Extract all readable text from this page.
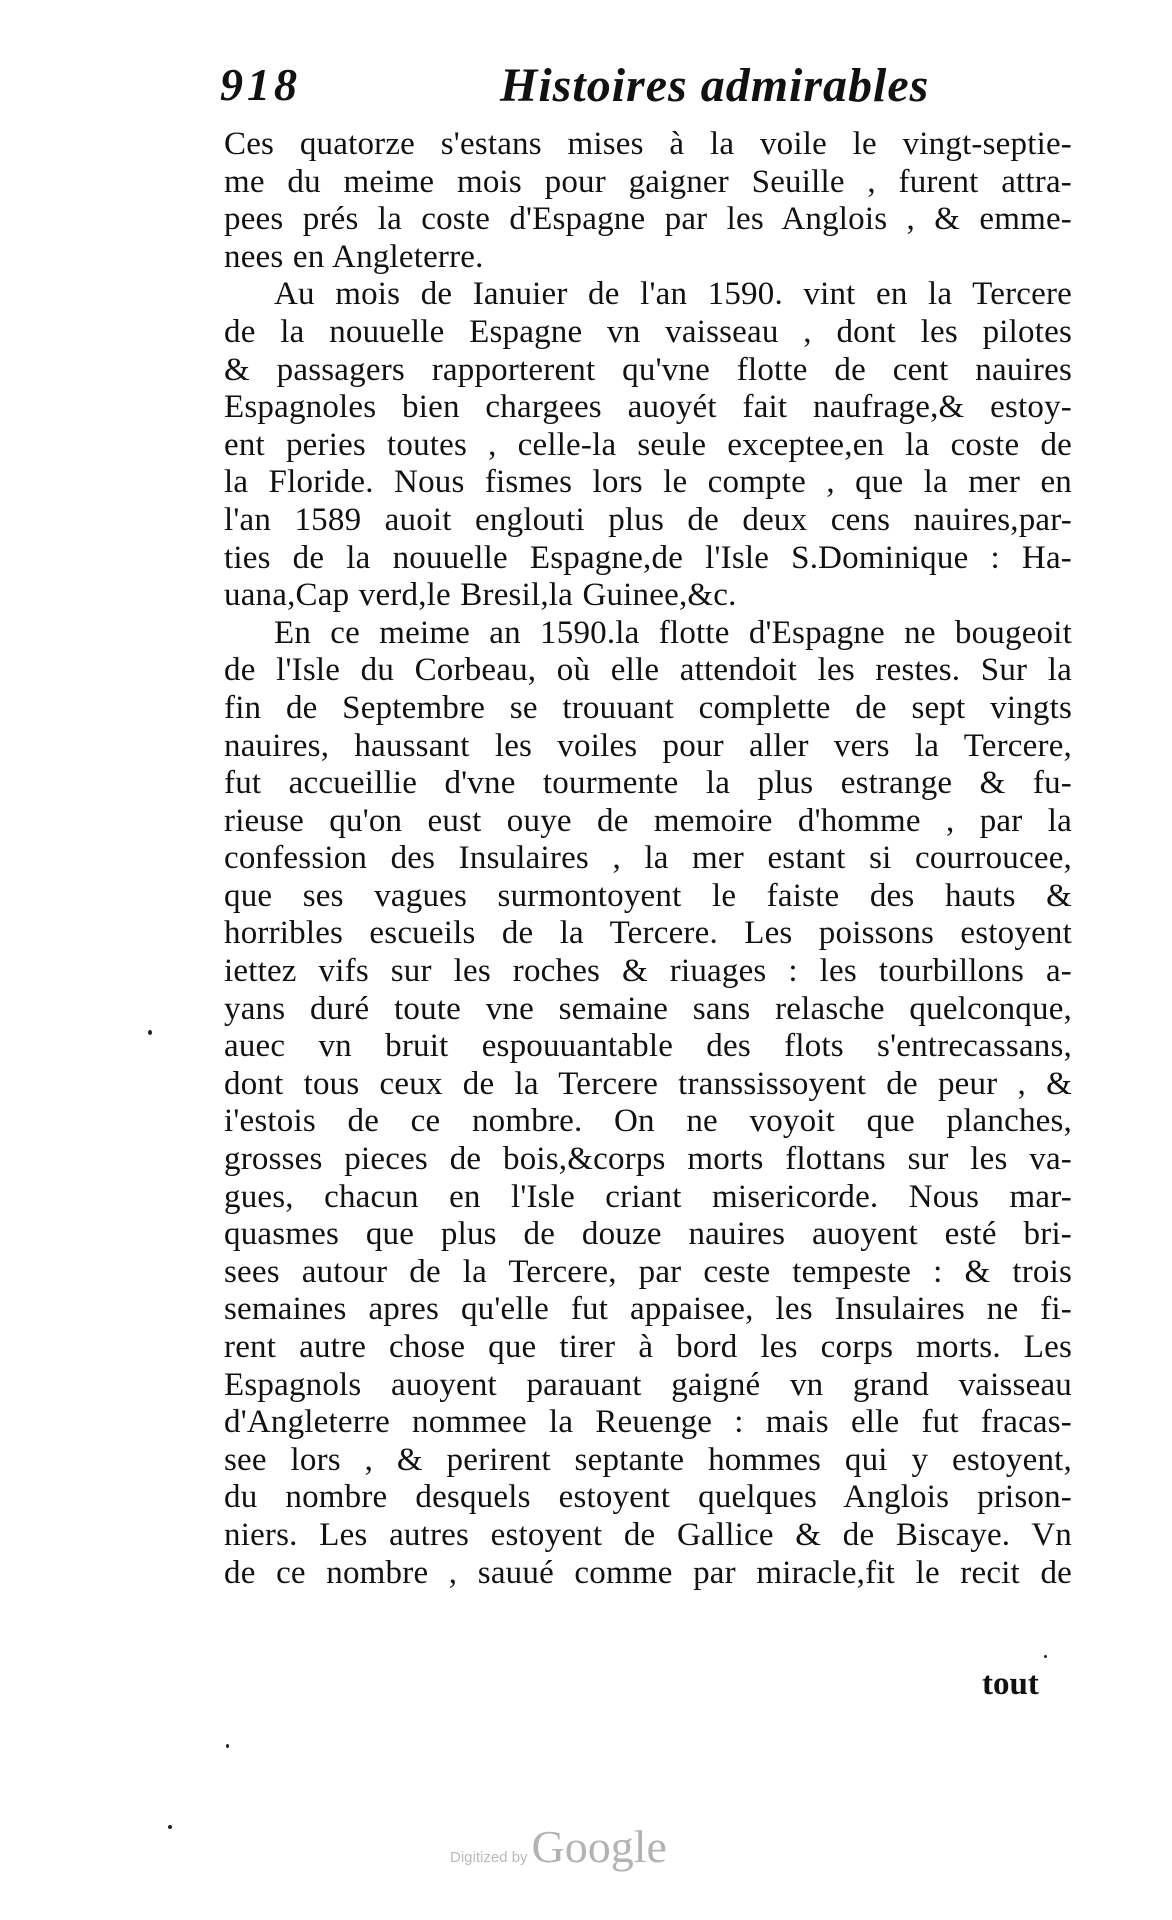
918	Histoires admirables
Ces quatorze s'estans mises à la voile le vingt-septie-
me du meime mois pour gaigner Seuille , furent attra-
pees prés la coste d'Espagne par les Anglois , & emme-
nees en Angleterre.
Au mois de Ianuier de l'an 1590. vint en la Tercere
de la nouuelle Espagne vn vaisseau , dont les pilotes
& passagers rapporterent qu'vne flotte de cent nauires
Espagnoles bien chargees auoyét fait naufrage,& estoy-
ent peries toutes , celle-la seule exceptee,en la coste de
la Floride. Nous fismes lors le compte , que la mer en
l'an 1589 auoit englouti plus de deux cens nauires,par-
ties de la nouuelle Espagne,de l'Isle S.Dominique : Ha-
uana,Cap verd,le Bresil,la Guinee,&c.
En ce meime an 1590.la flotte d'Espagne ne bougeoit
de l'Isle du Corbeau, où elle attendoit les restes. Sur la
fin de Septembre se trouuant complette de sept vingts
nauires, haussant les voiles pour aller vers la Tercere,
fut accueillie d'vne tourmente la plus estrange & fu-
rieuse qu'on eust ouye de memoire d'homme , par la
confession des Insulaires , la mer estant si courroucee,
que ses vagues surmontoyent le faiste des hauts &
horribles escueils de la Tercere. Les poissons estoyent
iettez vifs sur les roches & riuages : les tourbillons a-
yans duré toute vne semaine sans relasche quelconque,
auec vn bruit espouuantable des flots s'entrecassans,
dont tous ceux de la Tercere transsissoyent de peur , &
i'estois de ce nombre. On ne voyoit que planches,
grosses pieces de bois,&corps morts flottans sur les va-
gues, chacun en l'Isle criant misericorde. Nous mar-
quasmes que plus de douze nauires auoyent esté bri-
sees autour de la Tercere, par ceste tempeste : & trois
semaines apres qu'elle fut appaisee, les Insulaires ne fi-
rent autre chose que tirer à bord les corps morts. Les
Espagnols auoyent parauant gaigné vn grand vaisseau
d'Angleterre nommee la Reuenge : mais elle fut fracas-
see lors , & perirent septante hommes qui y estoyent,
du nombre desquels estoyent quelques Anglois prison-
niers. Les autres estoyent de Gallice & de Biscaye. Vn
de ce nombre , sauué comme par miracle,fit le recit de
tout
Digitized by Google
